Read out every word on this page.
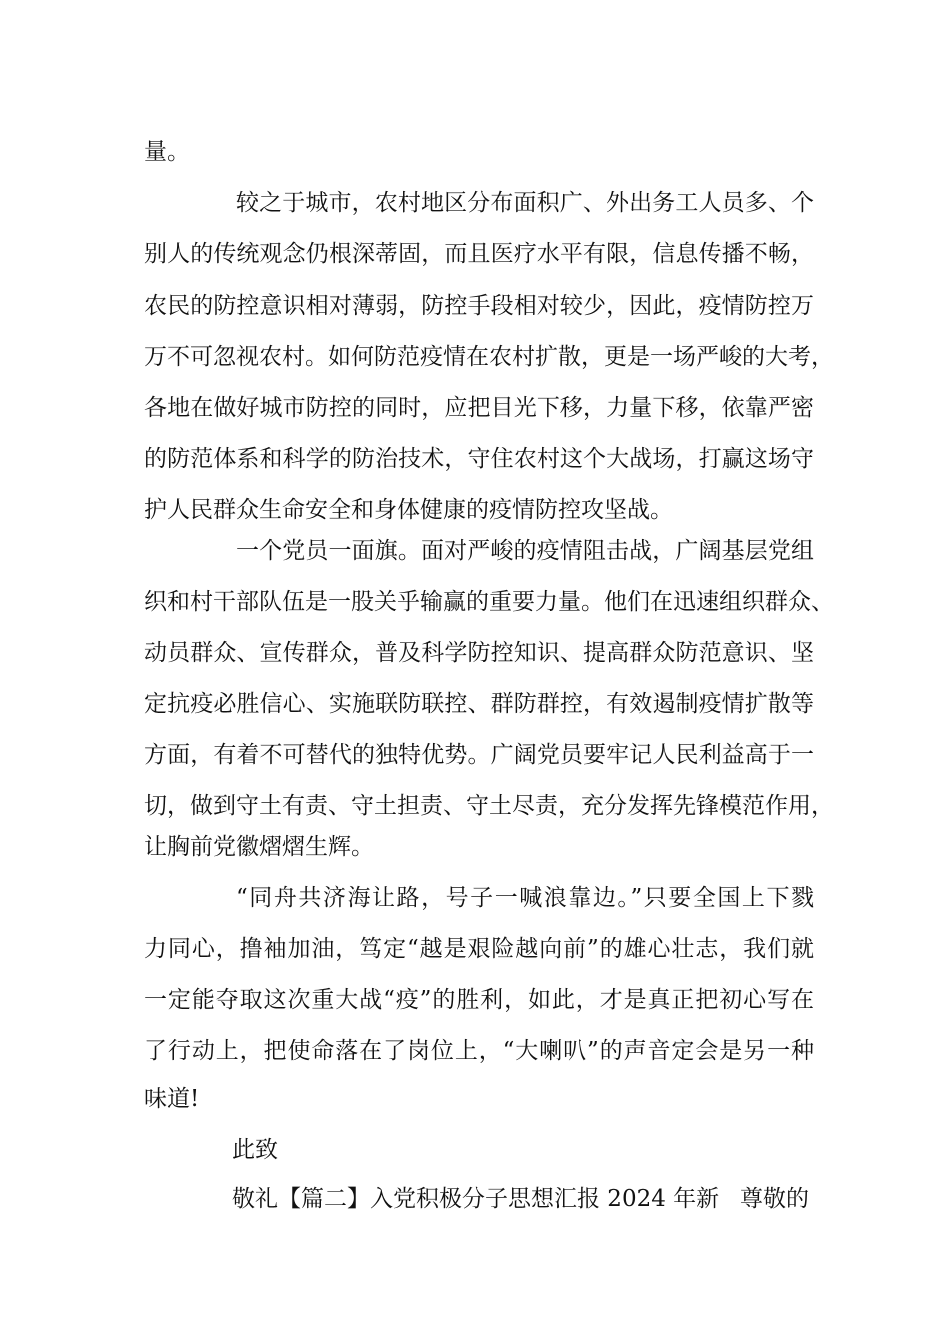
量。
较之于城市，农村地区分布面积广、外出务工人员多、个
别人的传统观念仍根深蒂固，而且医疗水平有限，信息传播不畅，
农民的防控意识相对薄弱，防控手段相对较少，因此，疫情防控万
万不可忽视农村。如何防范疫情在农村扩散，更是一场严峻的大考，
各地在做好城市防控的同时，应把目光下移，力量下移，依靠严密
的防范体系和科学的防治技术，守住农村这个大战场，打赢这场守
护人民群众生命安全和身体健康的疫情防控攻坚战。
一个党员一面旗。面对严峻的疫情阻击战，广阔基层党组
织和村干部队伍是一股关乎输赢的重要力量。他们在迅速组织群众、
动员群众、宣传群众，普及科学防控知识、提高群众防范意识、坚
定抗疫必胜信心、实施联防联控、群防群控，有效遏制疫情扩散等
方面，有着不可替代的独特优势。广阔党员要牢记人民利益高于一
切，做到守土有责、守土担责、守土尽责，充分发挥先锋模范作用，
让胸前党徽熠熠生辉。
“同舟共济海让路，号子一喊浪靠边。”只要全国上下戮
力同心，撸袖加油，笃定“越是艰险越向前”的雄心壮志，我们就
一定能夺取这次重大战“疫”的胜利，如此，才是真正把初心写在
了行动上，把使命落在了岗位上，“大喇叭”的声音定会是另一种
味道!
此致
敬礼【篇二】入党积极分子思想汇报 2024 年新 尊敬的
